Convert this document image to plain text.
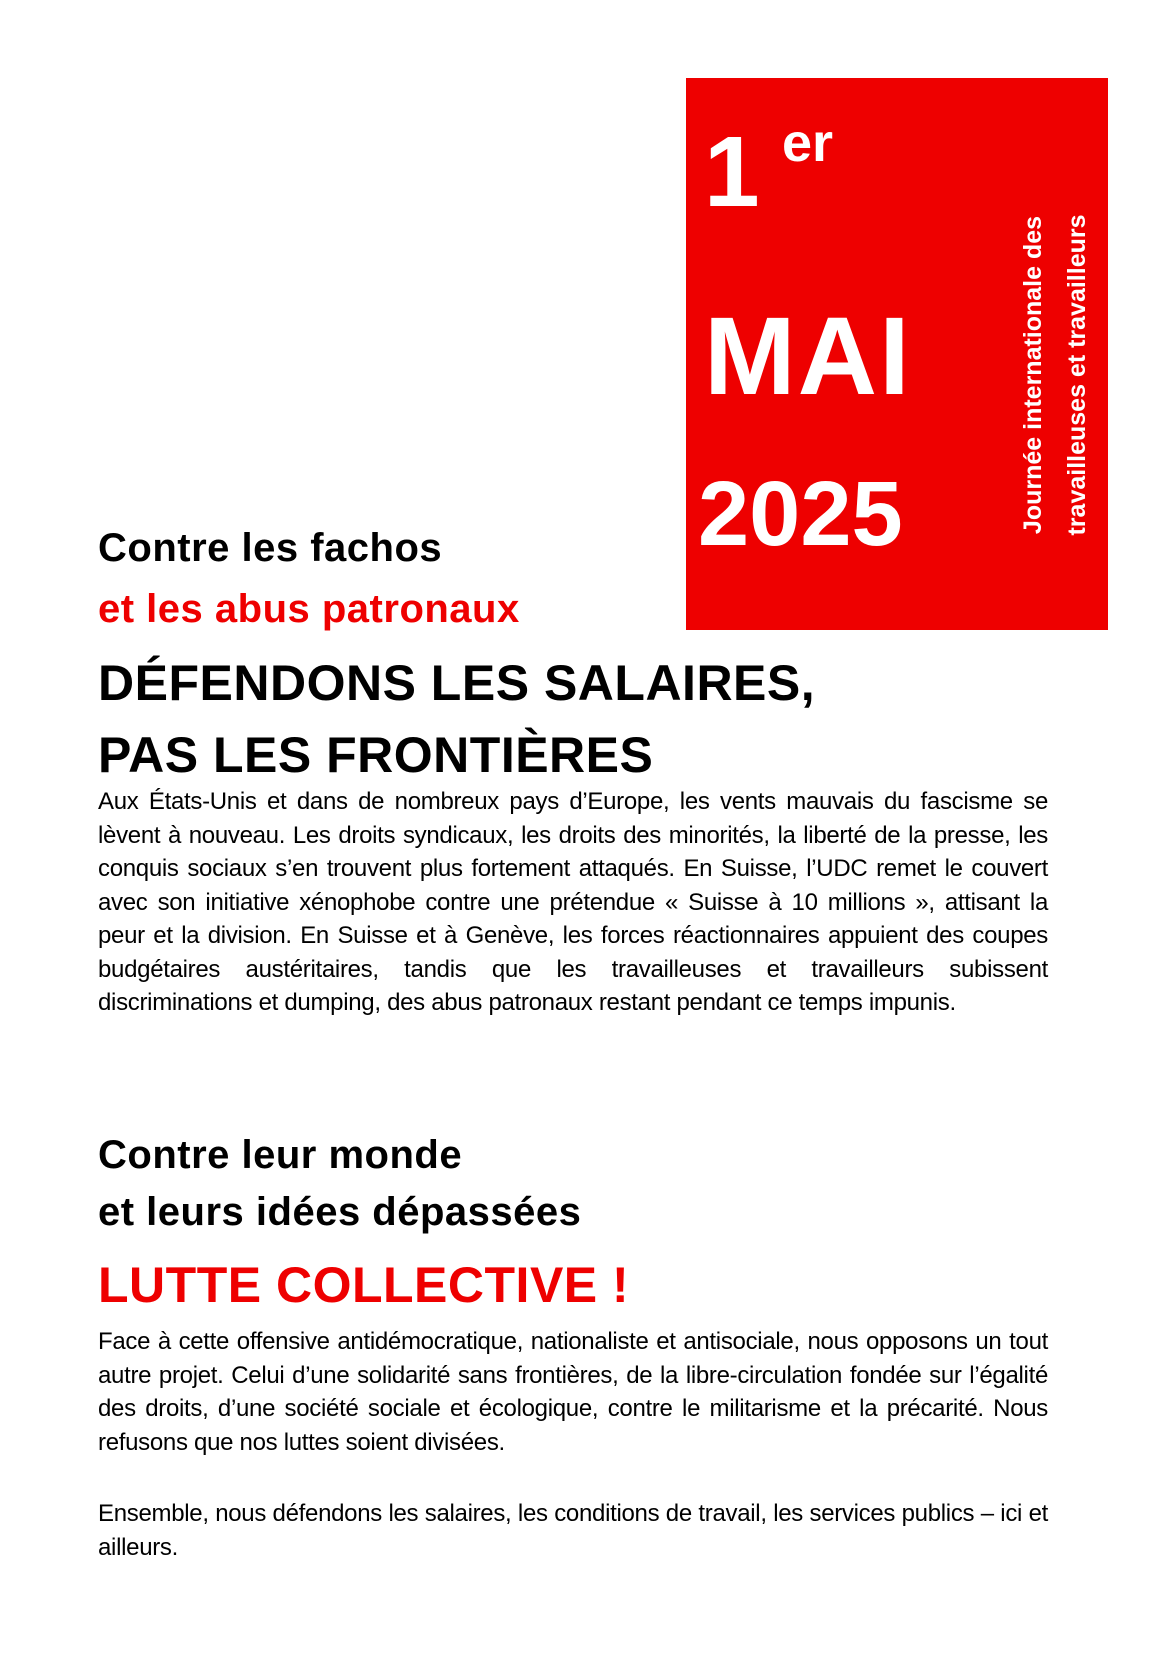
1 er
MAI
2025	Journée internationale des travailleuses et travailleurs
Contre les fachos
et les abus patronaux
DÉFENDONS LES SALAIRES,
PAS LES FRONTIÈRES
Aux États-Unis et dans de nombreux pays d’Europe, les vents mauvais du fascisme se lèvent à nouveau. Les droits syndicaux, les droits des minorités, la liberté de la presse, les conquis sociaux s’en trouvent plus fortement attaqués. En Suisse, l’UDC remet le couvert avec son initiative xénophobe contre une prétendue « Suisse à 10 millions », attisant la peur et la division. En Suisse et à Genève, les forces réactionnaires appuient des coupes budgétaires austéritaires, tandis que les travailleuses et travailleurs subissent discriminations et dumping, des abus patronaux restant pendant ce temps impunis.
Contre leur monde
et leurs idées dépassées
LUTTE COLLECTIVE !
Face à cette offensive antidémocratique, nationaliste et antisociale, nous opposons un tout autre projet. Celui d’une solidarité sans frontières, de la libre-circulation fondée sur l’égalité des droits, d’une société sociale et écologique, contre le militarisme et la précarité. Nous refusons que nos luttes soient divisées.
Ensemble, nous défendons les salaires, les conditions de travail, les services publics – ici et ailleurs.
